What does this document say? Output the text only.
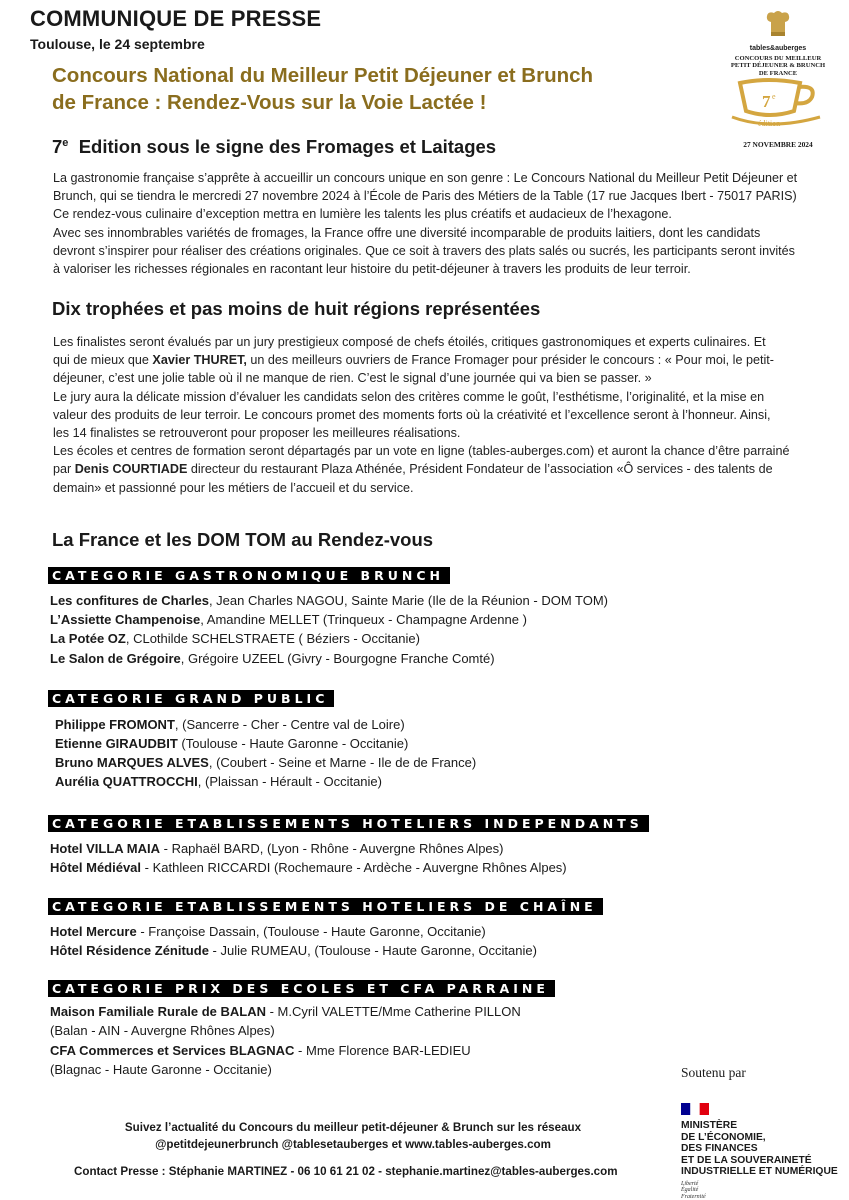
COMMUNIQUE DE PRESSE
Toulouse, le 24 septembre
Concours National du Meilleur Petit Déjeuner et Brunch
de France : Rendez-Vous sur la Voie Lactée !
7e Edition sous le signe des Fromages et Laitages
tables&auberges
CONCOURS DU MEILLEUR
PETIT DÉJEUNER & BRUNCH
DE FRANCE
7 e
édition
27 NOVEMBRE 2024
La gastronomie française s’apprête à accueillir un concours unique en son genre : Le Concours National du Meilleur Petit Déjeuner et
Brunch, qui se tiendra le mercredi 27 novembre 2024 à l’École de Paris des Métiers de la Table (17 rue Jacques Ibert - 75017 PARIS)
Ce rendez-vous culinaire d’exception mettra en lumière les talents les plus créatifs et audacieux de l’hexagone.
Avec ses innombrables variétés de fromages, la France offre une diversité incomparable de produits laitiers, dont les candidats
devront s’inspirer pour réaliser des créations originales. Que ce soit à travers des plats salés ou sucrés, les participants seront invités
à valoriser les richesses régionales en racontant leur histoire du petit-déjeuner à travers les produits de leur terroir.
Dix trophées et pas moins de huit régions représentées
Les finalistes seront évalués par un jury prestigieux composé de chefs étoilés, critiques gastronomiques et experts culinaires. Et
qui de mieux que Xavier THURET, un des meilleurs ouvriers de France Fromager pour présider le concours : « Pour moi, le petit-
déjeuner, c’est une jolie table où il ne manque de rien. C’est le signal d’une journée qui va bien se passer. »
Le jury aura la délicate mission d’évaluer les candidats selon des critères comme le goût, l’esthétisme, l’originalité, et la mise en
valeur des produits de leur terroir. Le concours promet des moments forts où la créativité et l’excellence seront à l’honneur. Ainsi,
les 14 finalistes se retrouveront pour proposer les meilleures réalisations.
Les écoles et centres de formation seront départagés par un vote en ligne (tables-auberges.com) et auront la chance d’être parrainé
par Denis COURTIADE directeur du restaurant Plaza Athénée, Président Fondateur de l’association «Ô services - des talents de
demain» et passionné pour les métiers de l’accueil et du service.
La France et les DOM TOM au Rendez-vous
CATEGORIE GASTRONOMIQUE BRUNCH
Les confitures de Charles, Jean Charles NAGOU, Sainte Marie (Ile de la Réunion - DOM TOM)
L’Assiette Champenoise, Amandine MELLET (Trinqueux - Champagne Ardenne )
La Potée OZ, CLothilde SCHELSTRAETE ( Béziers - Occitanie)
Le Salon de Grégoire, Grégoire UZEEL (Givry - Bourgogne Franche Comté)
CATEGORIE GRAND PUBLIC
Philippe FROMONT, (Sancerre - Cher - Centre val de Loire)
Etienne GIRAUDBIT (Toulouse - Haute Garonne - Occitanie)
Bruno MARQUES ALVES, (Coubert - Seine et Marne - Ile de de France)
Aurélia QUATTROCCHI, (Plaissan - Hérault - Occitanie)
CATEGORIE ETABLISSEMENTS HOTELIERS INDEPENDANTS
Hotel VILLA MAIA - Raphaël BARD, (Lyon - Rhône - Auvergne Rhônes Alpes)
Hôtel Médiéval - Kathleen RICCARDI (Rochemaure - Ardèche - Auvergne Rhônes Alpes)
CATEGORIE ETABLISSEMENTS HOTELIERS DE CHAÎNE
Hotel Mercure - Françoise Dassain, (Toulouse - Haute Garonne, Occitanie)
Hôtel Résidence Zénitude - Julie RUMEAU, (Toulouse - Haute Garonne, Occitanie)
CATEGORIE PRIX DES ECOLES ET CFA PARRAINE
Maison Familiale Rurale de BALAN - M.Cyril VALETTE/Mme Catherine PILLON
(Balan - AIN - Auvergne Rhônes Alpes)
CFA Commerces et Services BLAGNAC - Mme Florence BAR-LEDIEU
(Blagnac - Haute Garonne - Occitanie)	Soutenu par
MINISTÈRE
DE L’ÉCONOMIE,
DES FINANCES
ET DE LA SOUVERAINETÉ
INDUSTRIELLE ET NUMÉRIQUE
Liberté
Égalité
Fraternité
Suivez l’actualité du Concours du meilleur petit-déjeuner & Brunch sur les réseaux
@petitdejeunerbrunch @tablesetauberges et www.tables-auberges.com
Contact Presse : Stéphanie MARTINEZ - 06 10 61 21 02 - stephanie.martinez@tables-auberges.com
